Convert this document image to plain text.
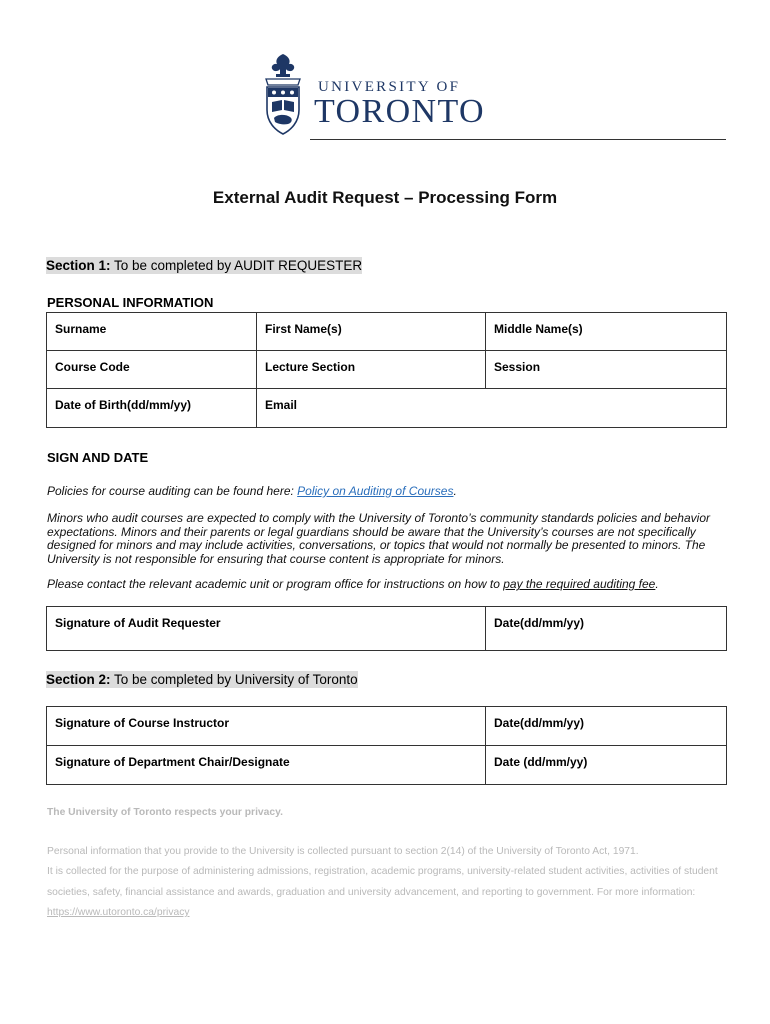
UNIVERSITY OF
TORONTO
External Audit Request – Processing Form
Section 1: To be completed by AUDIT REQUESTER
PERSONAL INFORMATION
Surname	First Name(s)	Middle Name(s)
Course Code	Lecture Section	Session
Date of Birth(dd/mm/yy)	Email	
SIGN AND DATE
Policies for course auditing can be found here: Policy on Auditing of Courses.
Minors who audit courses are expected to comply with the University of Toronto’s community standards policies and behavior expectations. Minors and their parents or legal guardians should be aware that the University’s courses are not specifically designed for minors and may include activities, conversations, or topics that would not normally be presented to minors. The University is not responsible for ensuring that course content is appropriate for minors.
Please contact the relevant academic unit or program office for instructions on how to pay the required auditing fee.
Signature of Audit Requester	Date(dd/mm/yy)
Section 2: To be completed by University of Toronto
Signature of Course Instructor	Date(dd/mm/yy)
Signature of Department Chair/Designate	Date (dd/mm/yy)
The University of Toronto respects your privacy.
Personal information that you provide to the University is collected pursuant to section 2(14) of the University of Toronto Act, 1971.
It is collected for the purpose of administering admissions, registration, academic programs, university-related student activities, activities of student societies, safety, financial assistance and awards, graduation and university advancement, and reporting to government. For more information: https://www.utoronto.ca/privacy
